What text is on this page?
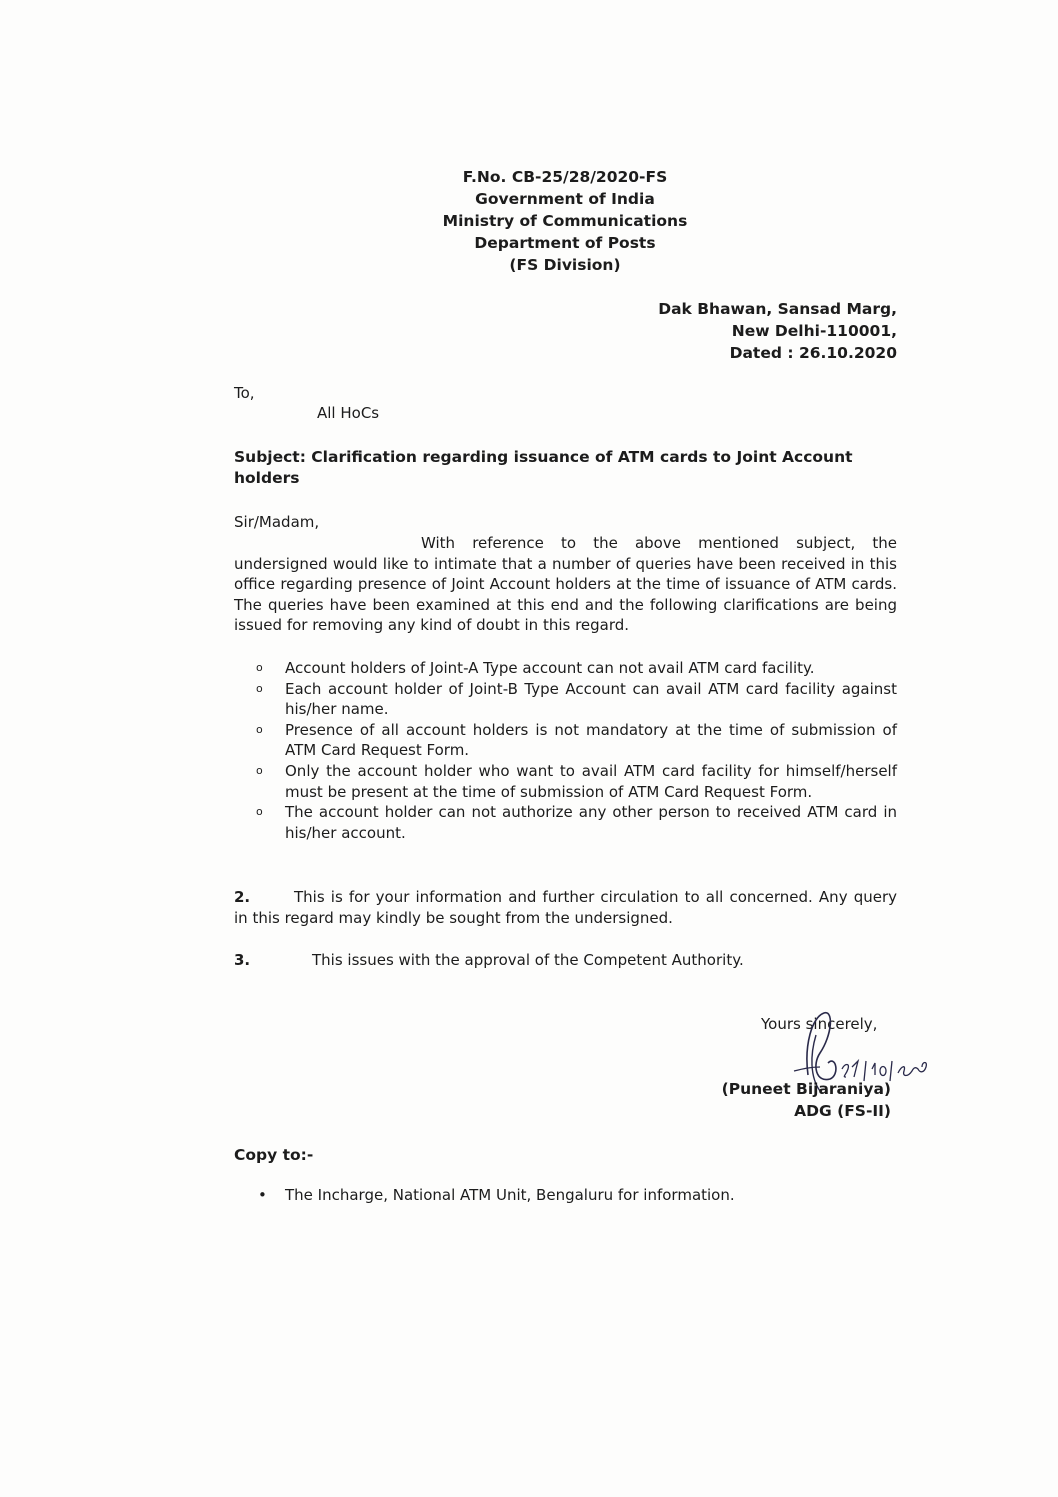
F.No. CB-25/28/2020-FS
Government of India
Ministry of Communications
Department of Posts
(FS Division)
Dak Bhawan, Sansad Marg,
New Delhi-110001,
Dated : 26.10.2020
To,
All HoCs
Subject: Clarification regarding issuance of ATM cards to Joint Account holders
Sir/Madam,
With reference to the above mentioned subject, the undersigned would like to intimate that a number of queries have been received in this office regarding presence of Joint Account holders at the time of issuance of ATM cards. The queries have been examined at this end and the following clarifications are being issued for removing any kind of doubt in this regard.
o Account holders of Joint-A Type account can not avail ATM card facility.
o Each account holder of Joint-B Type Account can avail ATM card facility against his/her name.
o Presence of all account holders is not mandatory at the time of submission of ATM Card Request Form.
o Only the account holder who want to avail ATM card facility for himself/herself must be present at the time of submission of ATM Card Request Form.
o The account holder can not authorize any other person to received ATM card in his/her account.
2.	This is for your information and further circulation to all concerned. Any query in this regard may kindly be sought from the undersigned.
3.	This issues with the approval of the Competent Authority.
Yours sincerely,
(Puneet Bijaraniya)
ADG (FS-II)
Copy to:-
• The Incharge, National ATM Unit, Bengaluru for information.
